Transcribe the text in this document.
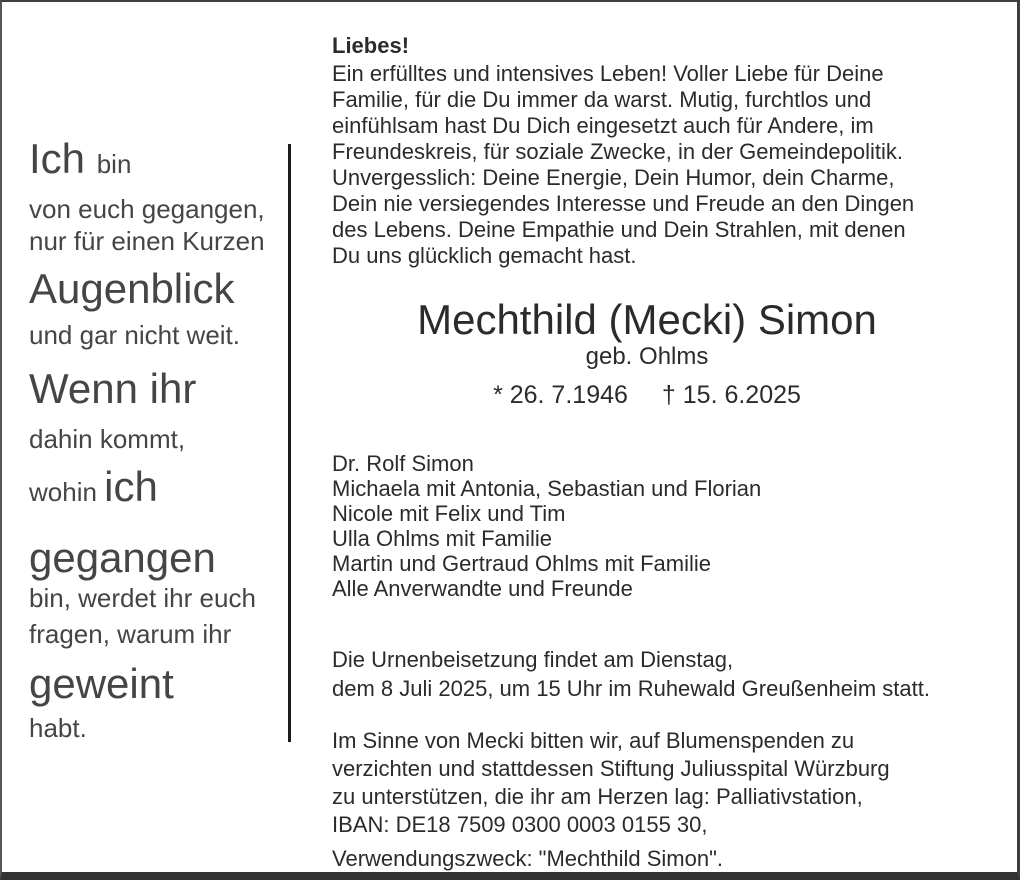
Ich bin
von euch gegangen,
nur für einen Kurzen
Augenblick
und gar nicht weit.
Wenn ihr
dahin kommt,
wohin ich
gegangen
bin, werdet ihr euch
fragen, warum ihr
geweint
habt.
Liebes!
Ein erfülltes und intensives Leben! Voller Liebe für Deine
Familie, für die Du immer da warst. Mutig, furchtlos und
einfühlsam hast Du Dich eingesetzt auch für Andere, im
Freundeskreis, für soziale Zwecke, in der Gemeindepolitik.
Unvergesslich: Deine Energie, Dein Humor, dein Charme,
Dein nie versiegendes Interesse und Freude an den Dingen
des Lebens. Deine Empathie und Dein Strahlen, mit denen
Du uns glücklich gemacht hast.
Mechthild (Mecki) Simon
geb. Ohlms
* 26. 7.1946 † 15. 6.2025
Dr. Rolf Simon
Michaela mit Antonia, Sebastian und Florian
Nicole mit Felix und Tim
Ulla Ohlms mit Familie
Martin und Gertraud Ohlms mit Familie
Alle Anverwandte und Freunde
Die Urnenbeisetzung findet am Dienstag,
dem 8 Juli 2025, um 15 Uhr im Ruhewald Greußenheim statt.
Im Sinne von Mecki bitten wir, auf Blumenspenden zu
verzichten und stattdessen Stiftung Juliusspital Würzburg
zu unterstützen, die ihr am Herzen lag: Palliativstation,
IBAN: DE18 7509 0300 0003 0155 30,
Verwendungszweck: "Mechthild Simon".
